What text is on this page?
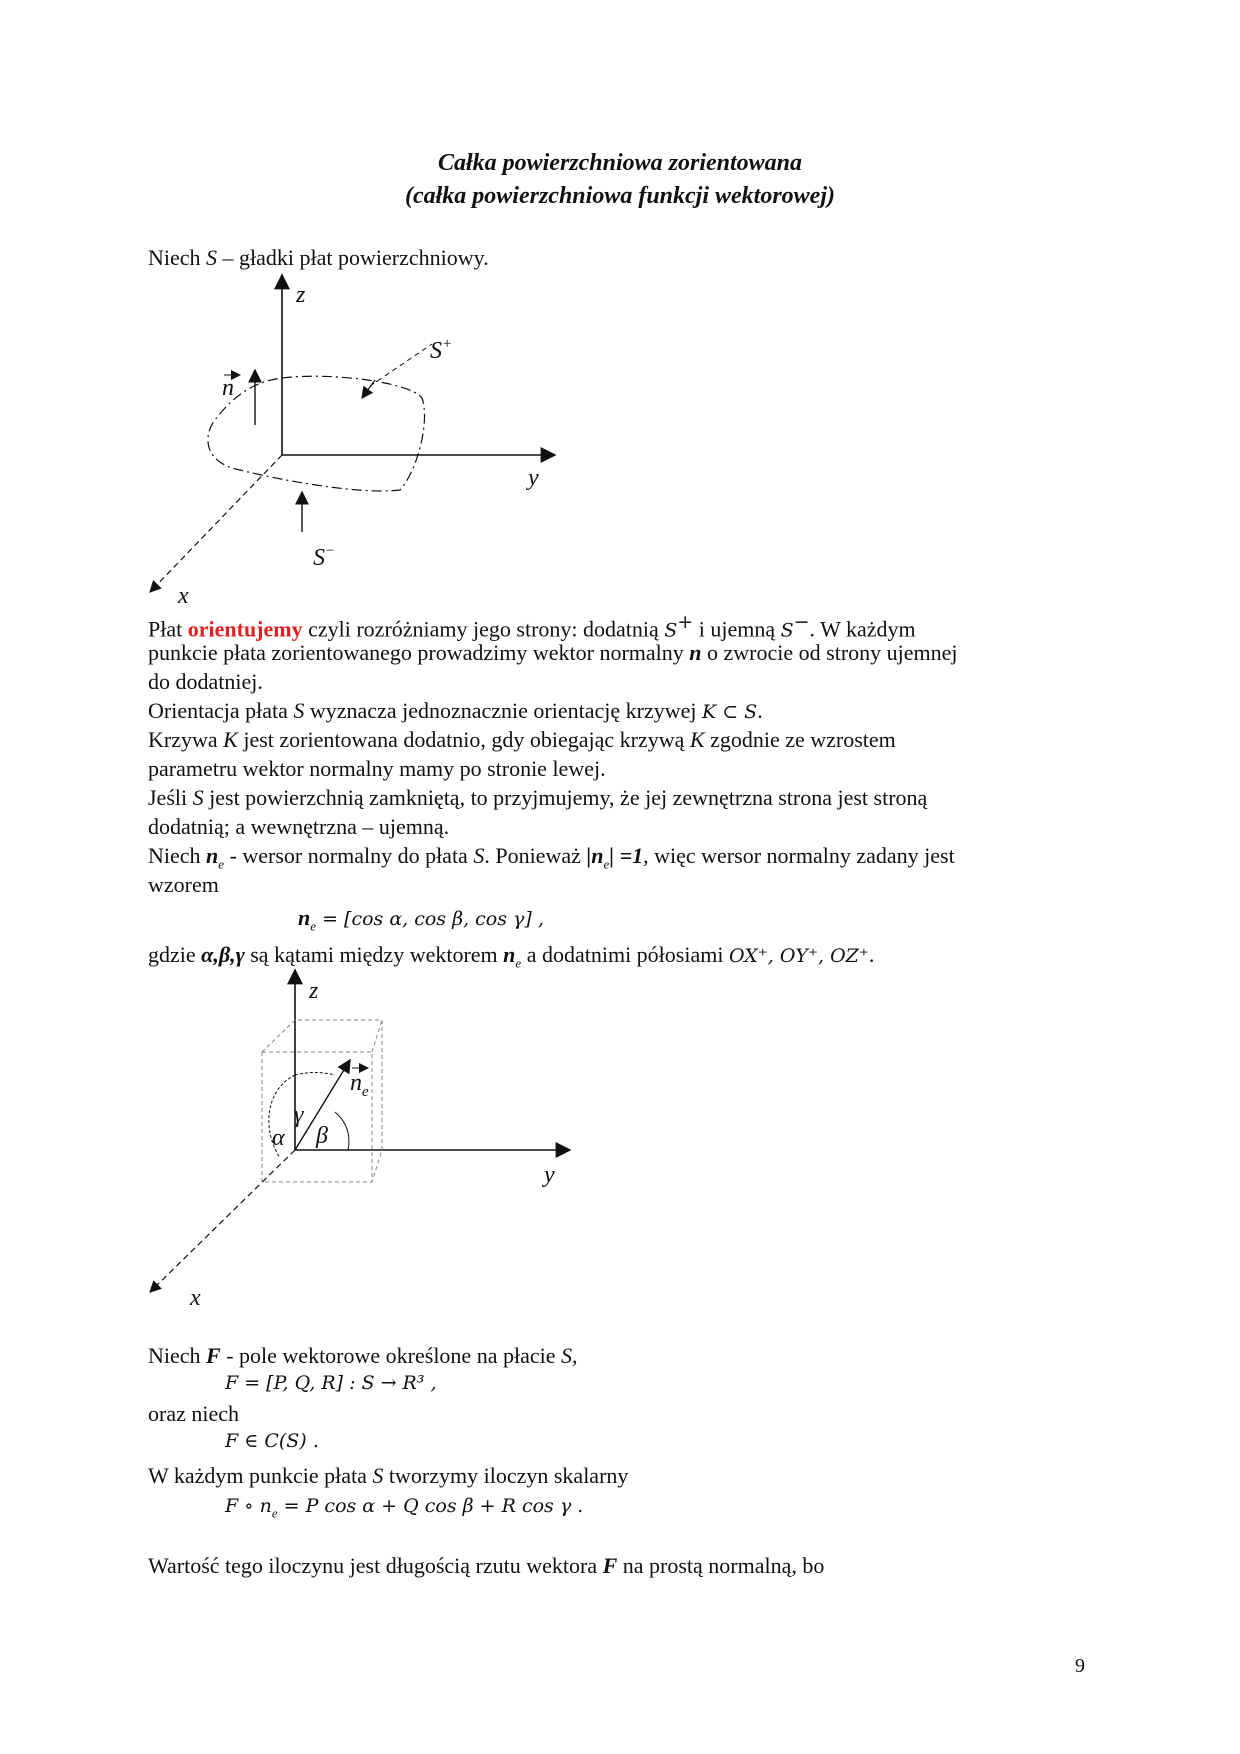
Całka powierzchniowa zorientowana
(całka powierzchniowa funkcji wektorowej)
Niech S – gładki płat powierzchniowy.
z
y
x
n
S+
S−
Płat orientujemy czyli rozróżniamy jego strony: dodatnią S+ i ujemną S−. W każdym
punkcie płata zorientowanego prowadzimy wektor normalny n o zwrocie od strony ujemnej
do dodatniej.
Orientacja płata S wyznacza jednoznacznie orientację krzywej K ⊂ S.
Krzywa K jest zorientowana dodatnio, gdy obiegając krzywą K zgodnie ze wzrostem
parametru wektor normalny mamy po stronie lewej.
Jeśli S jest powierzchnią zamkniętą, to przyjmujemy, że jej zewnętrzna strona jest stroną
dodatnią; a wewnętrzna – ujemną.
Niech $n_e$ - wersor normalny do płata S. Ponieważ $|n_e| =1$, więc wersor normalny zadany jest
wzorem
$n_e = [\cos$ α, cos β, cos γ] ,
gdzie α,β,γ są kątami między wektorem $n_e$ a dodatnimi półosiami OX⁺, OY⁺, OZ⁺.
z
y
x
$n_e$
α β
γ
Niech F - pole wektorowe określone na płacie S,
F = [P, Q, R] : S → R³ ,
oraz niech
F ∈ C(S) .
W każdym punkcie płata S tworzymy iloczyn skalarny
F ∘ $n_e = P$ cos α + Q cos β + R cos γ .
Wartość tego iloczynu jest długością rzutu wektora F na prostą normalną, bo
9
